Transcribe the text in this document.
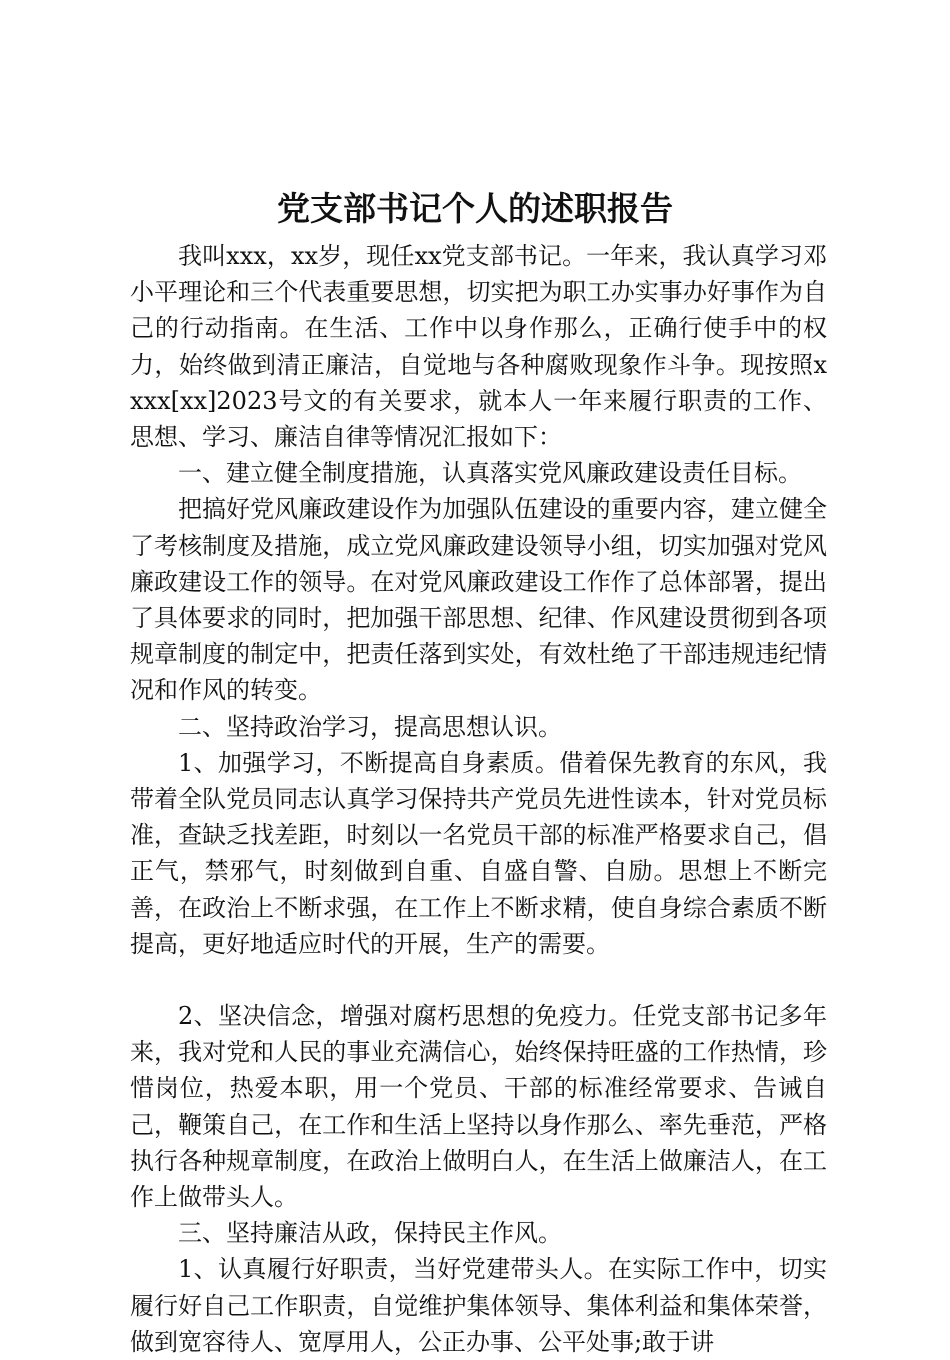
党支部书记个人的述职报告

我叫xxx，xx岁，现任xx党支部书记。一年来，我认真学习邓小平理论和三个代表重要思想，切实把为职工办实事办好事作为自己的行动指南。在生活、工作中以身作那么，正确行使手中的权力，始终做到清正廉洁，自觉地与各种腐败现象作斗争。现按照xxxx[xx]2023号文的有关要求，就本人一年来履行职责的工作、思想、学习、廉洁自律等情况汇报如下：

一、建立健全制度措施，认真落实党风廉政建设责任目标。

把搞好党风廉政建设作为加强队伍建设的重要内容，建立健全了考核制度及措施，成立党风廉政建设领导小组，切实加强对党风廉政建设工作的领导。在对党风廉政建设工作作了总体部署，提出了具体要求的同时，把加强干部思想、纪律、作风建设贯彻到各项规章制度的制定中，把责任落到实处，有效杜绝了干部违规违纪情况和作风的转变。

二、坚持政治学习，提高思想认识。

1、加强学习，不断提高自身素质。借着保先教育的东风，我带着全队党员同志认真学习保持共产党员先进性读本，针对党员标准，查缺乏找差距，时刻以一名党员干部的标准严格要求自己，倡正气，禁邪气，时刻做到自重、自盛自警、自励。思想上不断完善，在政治上不断求强，在工作上不断求精，使自身综合素质不断提高，更好地适应时代的开展，生产的需要。

2、坚决信念，增强对腐朽思想的免疫力。任党支部书记多年来，我对党和人民的事业充满信心，始终保持旺盛的工作热情，珍惜岗位，热爱本职，用一个党员、干部的标准经常要求、告诫自己，鞭策自己，在工作和生活上坚持以身作那么、率先垂范，严格执行各种规章制度，在政治上做明白人，在生活上做廉洁人，在工作上做带头人。

三、坚持廉洁从政，保持民主作风。

1、认真履行好职责，当好党建带头人。在实际工作中，切实履行好自己工作职责，自觉维护集体领导、集体利益和集体荣誉，做到宽容待人、宽厚用人，公正办事、公平处事;敢于讲
